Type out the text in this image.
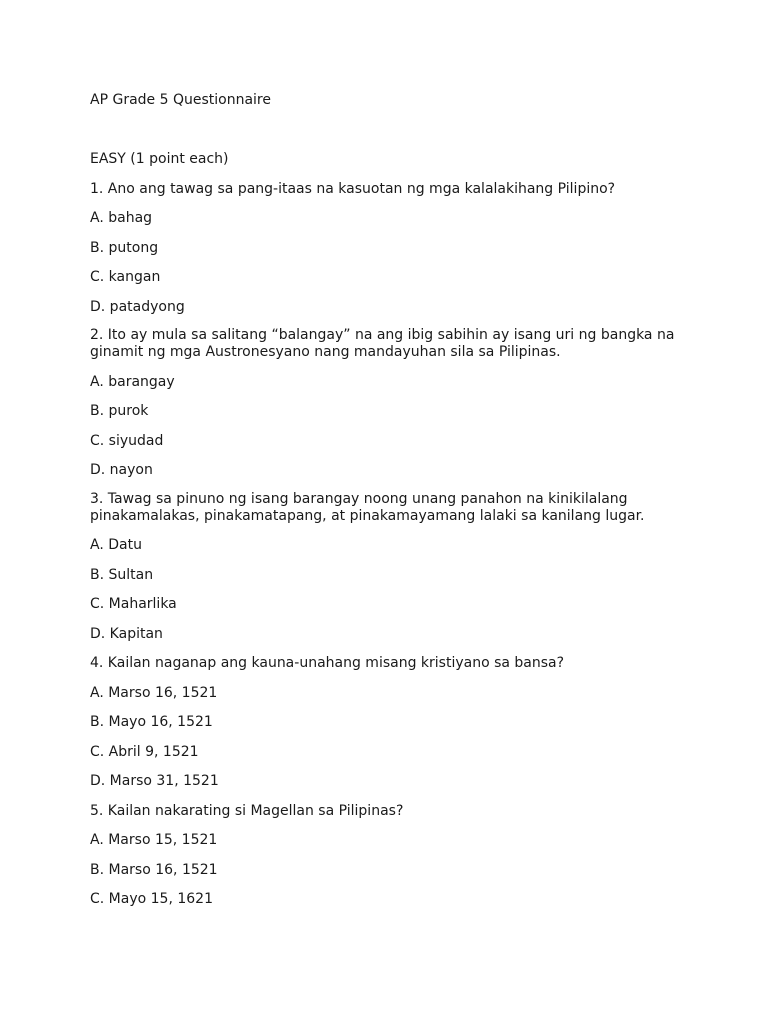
AP Grade 5 Questionnaire
EASY (1 point each)

1. Ano ang tawag sa pang-itaas na kasuotan ng mga kalalakihang Pilipino?

A. bahag

B. putong

C. kangan

D. patadyong

2. Ito ay mula sa salitang “balangay” na ang ibig sabihin ay isang uri ng bangka na
ginamit ng mga Austronesyano nang mandayuhan sila sa Pilipinas.

A. barangay

B. purok

C. siyudad

D. nayon

3. Tawag sa pinuno ng isang barangay noong unang panahon na kinikilalang
pinakamalakas, pinakamatapang, at pinakamayamang lalaki sa kanilang lugar.

A. Datu

B. Sultan

C. Maharlika

D. Kapitan

4. Kailan naganap ang kauna-unahang misang kristiyano sa bansa?

A. Marso 16, 1521

B. Mayo 16, 1521

C. Abril 9, 1521

D. Marso 31, 1521

5. Kailan nakarating si Magellan sa Pilipinas?

A. Marso 15, 1521

B. Marso 16, 1521

C. Mayo 15, 1621
